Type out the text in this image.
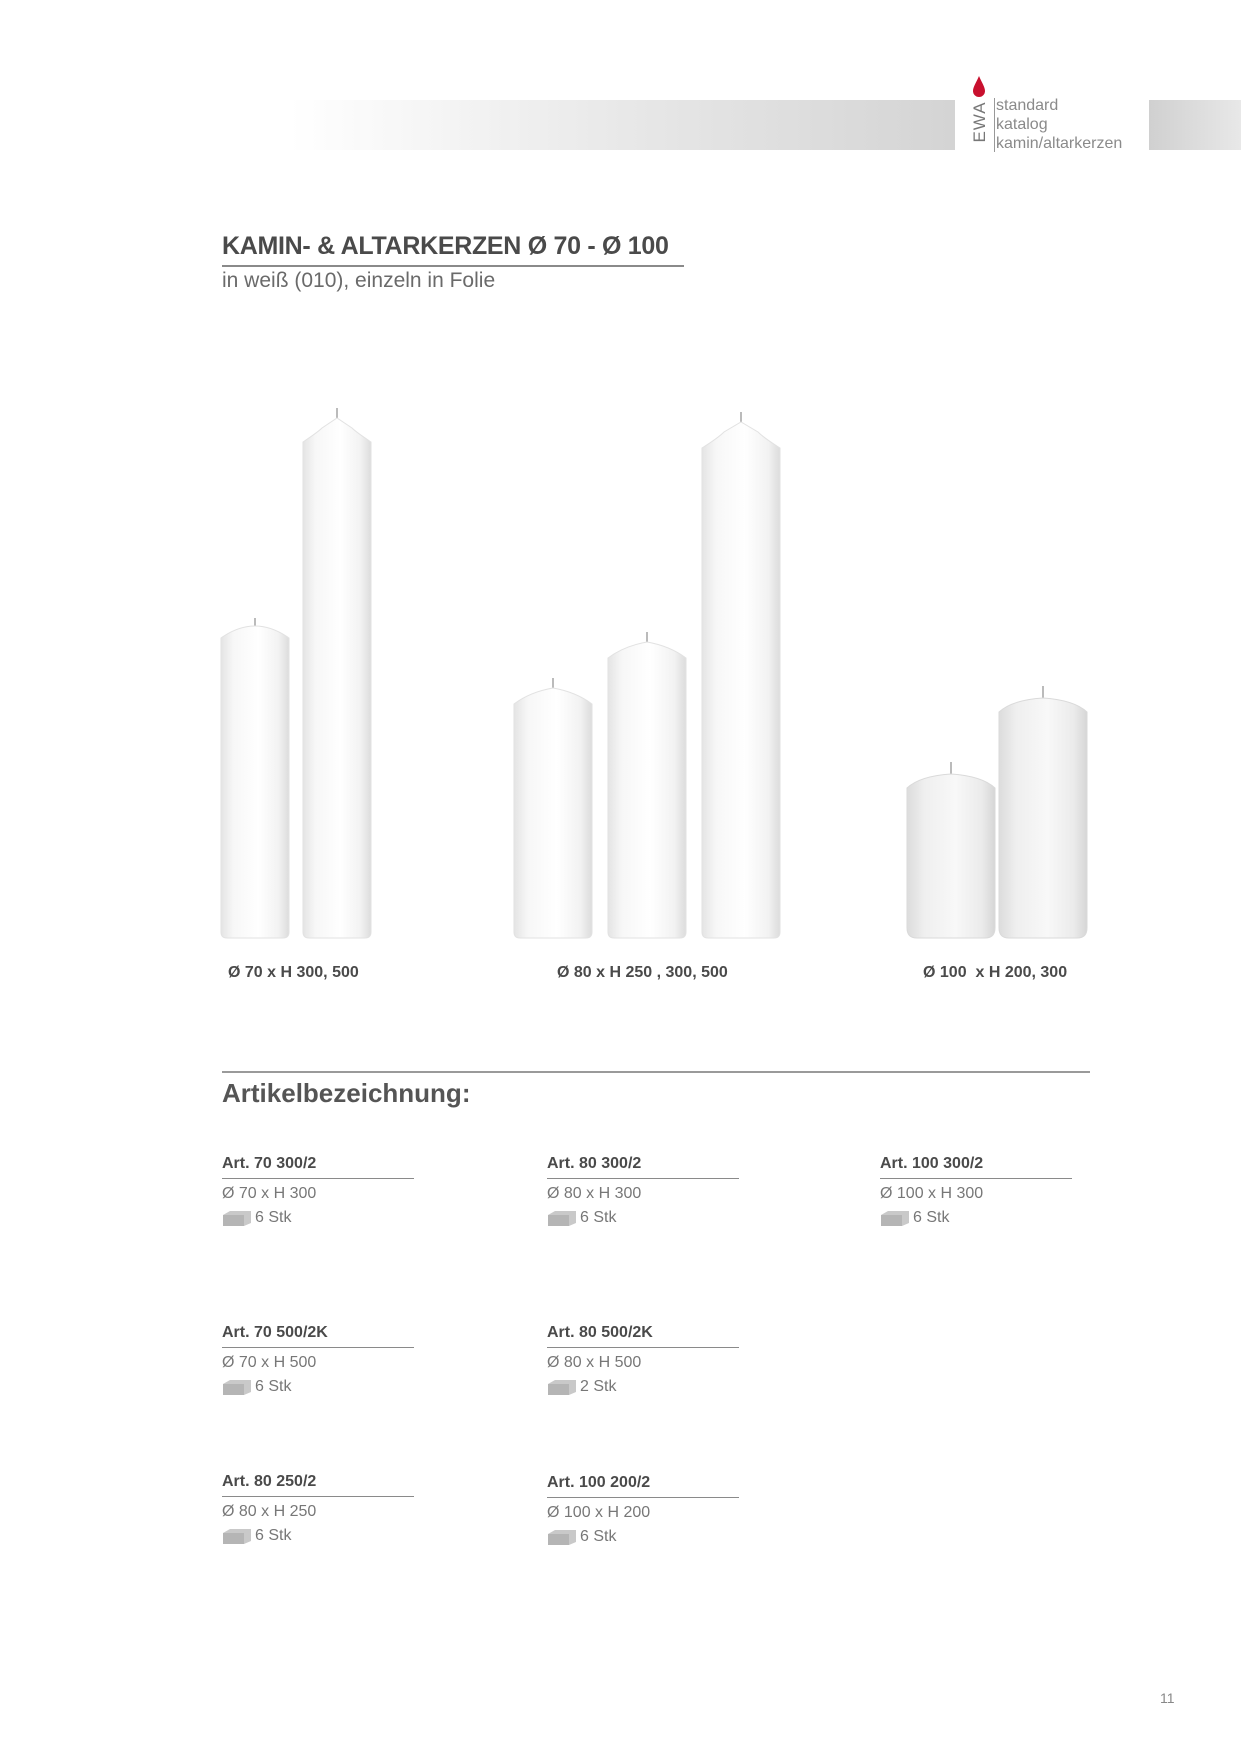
EWA standard
katalog
kamin/altarkerzen
KAMIN- & ALTARKERZEN Ø 70 - Ø 100
in weiß (010), einzeln in Folie
Ø 70 x H 300, 500	Ø 80 x H 250 , 300, 500	Ø 100  x H 200, 300
Artikelbezeichnung:
Art. 70 300/2
Ø 70 x H 300
6 Stk
Art. 80 300/2
Ø 80 x H 300
6 Stk
Art. 100 300/2
Ø 100 x H 300
6 Stk
Art. 70 500/2K
Ø 70 x H 500
6 Stk
Art. 80 500/2K
Ø 80 x H 500
2 Stk
Art. 80 250/2
Ø 80 x H 250
6 Stk
Art. 100 200/2
Ø 100 x H 200
6 Stk
11
